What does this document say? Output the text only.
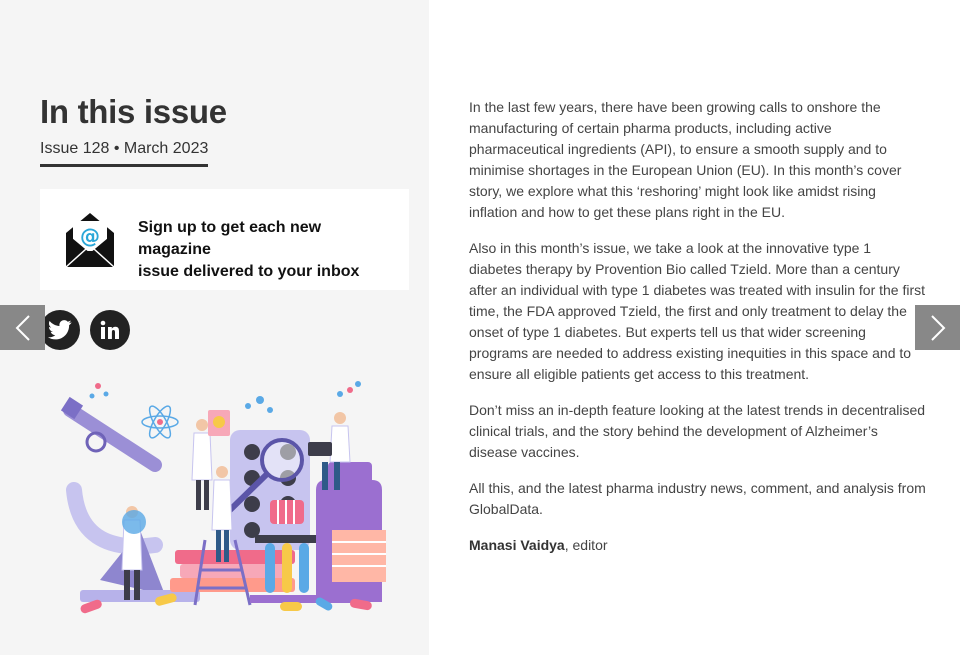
In this issue
Issue 128 • March 2023
@ Sign up to get each new magazine
issue delivered to your inbox

In the last few years, there have been growing calls to onshore the manufacturing of certain pharma products, including active pharmaceutical ingredients (API), to ensure a smooth supply and to minimise shortages in the European Union (EU). In this month’s cover story, we explore what this ‘reshoring’ might look like amidst rising inflation and how to get these plans right in the EU.

Also in this month’s issue, we take a look at the innovative type 1 diabetes therapy by Provention Bio called Tzield. More than a century after an individual with type 1 diabetes was treated with insulin for the first time, the FDA approved Tzield, the first and only treatment to delay the onset of type 1 diabetes. But experts tell us that wider screening programs are needed to address existing inequities in this space and to ensure all eligible patients get access to this treatment.

Don’t miss an in-depth feature looking at the latest trends in decentralised clinical trials, and the story behind the development of Alzheimer’s disease vaccines.

All this, and the latest pharma industry news, comment, and analysis from GlobalData.

Manasi Vaidya, editor
